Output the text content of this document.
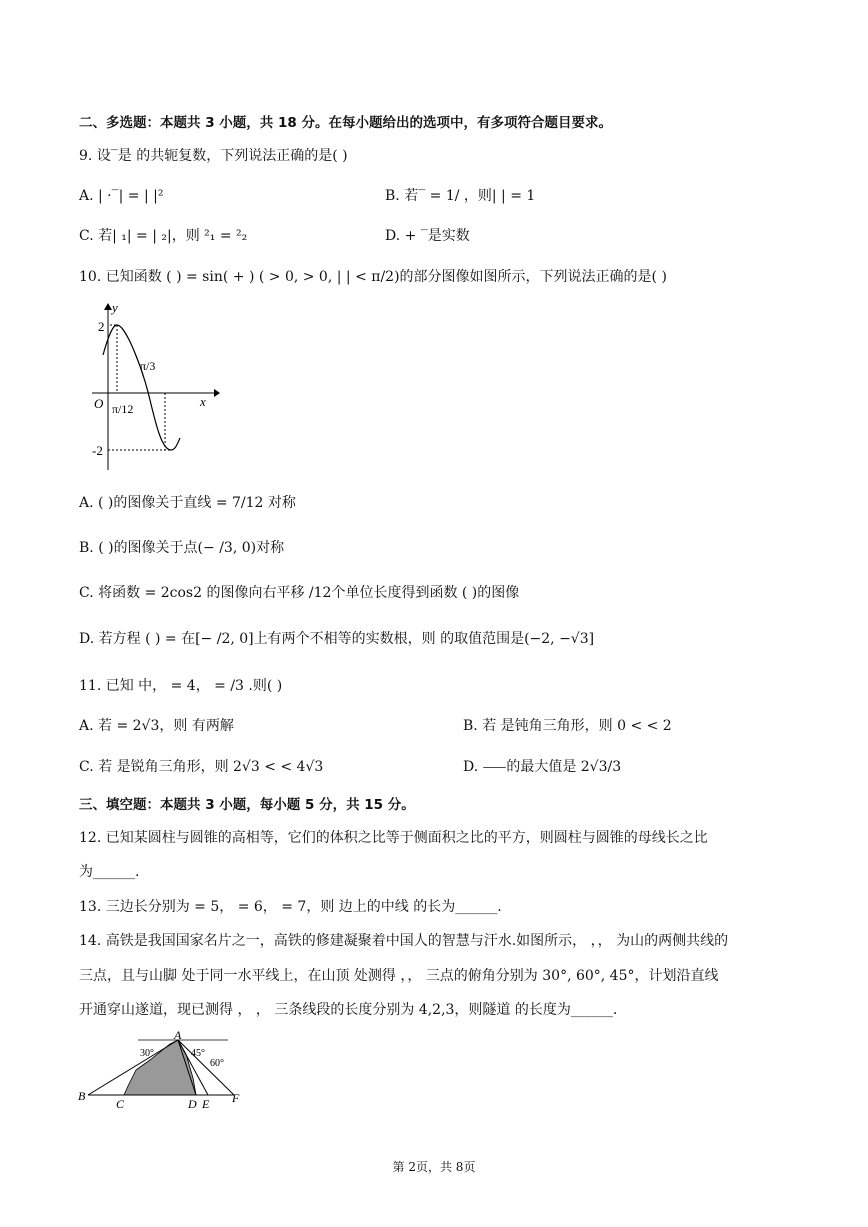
二、多选题：本题共 3 小题，共 18 分。在每小题给出的选项中，有多项符合题目要求。
9. 设‾是 的共轭复数，下列说法正确的是( )
A. | ·‾| = | |²	B. 若‾ = 1/ ，则| | = 1
C. 若| ₁| = | ₂|，则 ²₁ = ²₂	D. + ‾是实数
10. 已知函数 ( ) = sin( + ) ( > 0, > 0, | | < π/2)的部分图像如图所示，下列说法正确的是( )
x
y
O
2
-2
π/3
π/12
A. ( )的图像关于直线 = 7/12 对称
B. ( )的图像关于点(− /3, 0)对称
C. 将函数 = 2cos2 的图像向右平移 /12个单位长度得到函数 ( )的图像
D. 若方程 ( ) = 在[− /2, 0]上有两个不相等的实数根，则 的取值范围是(−2, −√3]
11. 已知 中， = 4， = /3 .则( )
A. 若 = 2√3，则 有两解	B. 若 是钝角三角形，则 0 < < 2
C. 若 是锐角三角形，则 2√3 < < 4√3	D. ⸺的最大值是 2√3/3
三、填空题：本题共 3 小题，每小题 5 分，共 15 分。
12. 已知某圆柱与圆锥的高相等，它们的体积之比等于侧面积之比的平方，则圆柱与圆锥的母线长之比
为______.
13. 三边长分别为 = 5， = 6， = 7，则 边上的中线 的长为______.
14. 高铁是我国国家名片之一，高铁的修建凝聚着中国人的智慧与汗水.如图所示， ，， 为山的两侧共线的
三点，且与山脚 处于同一水平线上，在山顶 处测得 ，， 三点的俯角分别为 30°, 60°, 45°，计划沿直线
开通穿山遂道，现已测得 ， ， 三条线段的长度分别为 4,2,3，则隧道 的长度为______.
A
B
C	D E F
30°	45°
60°
第 2页，共 8页
